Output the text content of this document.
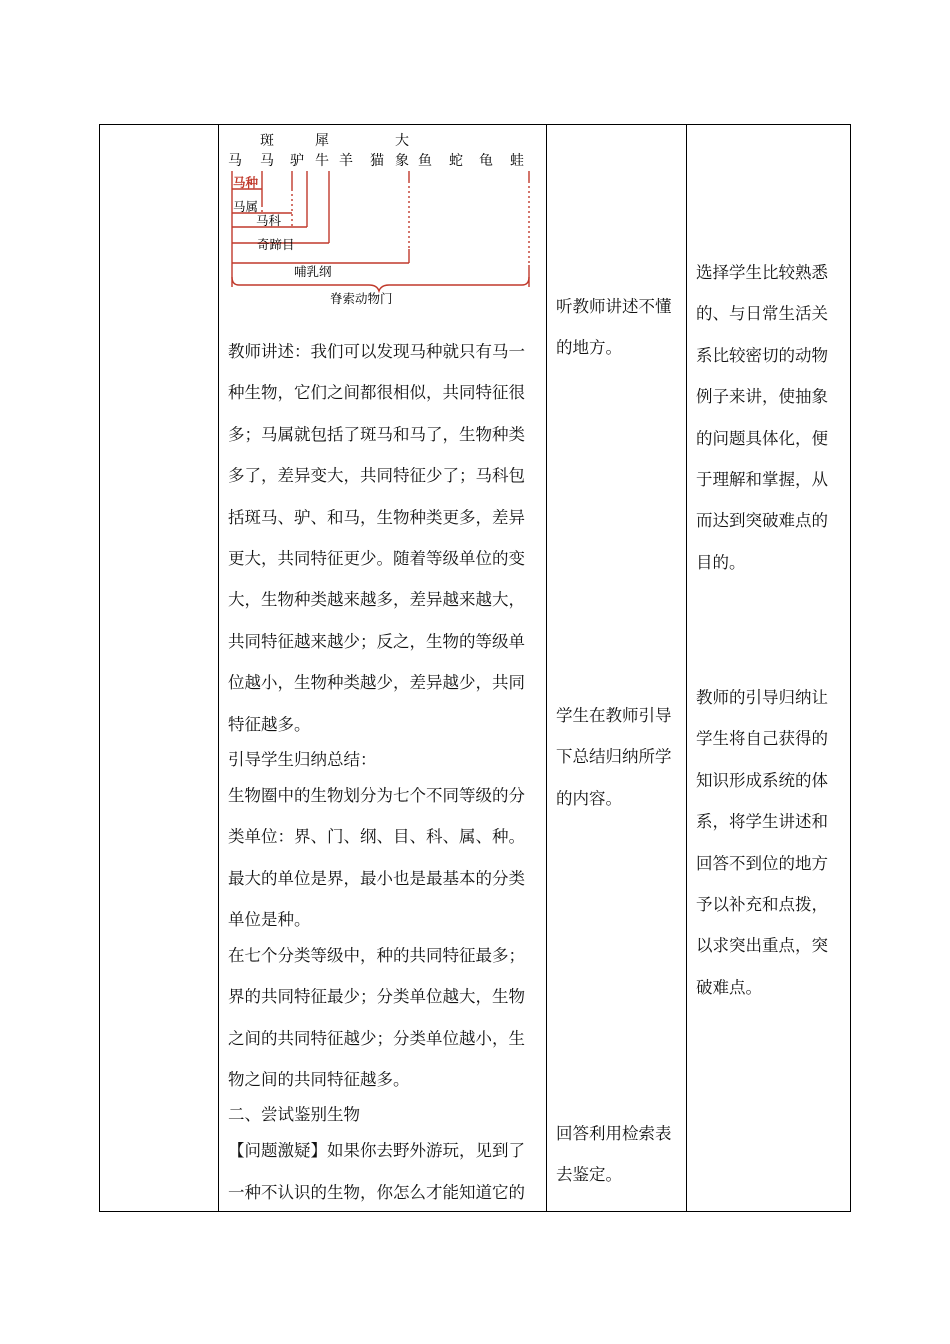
马
斑马 驴
犀牛 羊 猫
大象 鱼 蛇 龟 蛙
马种
马属
马科
奇蹄目
哺乳纲
脊索动物门
教师讲述：我们可以发现马种就只有马一
种生物，它们之间都很相似，共同特征很
多；马属就包括了斑马和马了，生物种类
多了，差异变大，共同特征少了；马科包
括斑马、驴、和马，生物种类更多，差异
更大，共同特征更少。随着等级单位的变
大，生物种类越来越多，差异越来越大，
共同特征越来越少；反之，生物的等级单
位越小，生物种类越少，差异越少，共同
特征越多。

引导学生归纳总结：

生物圈中的生物划分为七个不同等级的分
类单位：界、门、纲、目、科、属、种。
最大的单位是界，最小也是最基本的分类
单位是种。
在七个分类等级中，种的共同特征最多；
界的共同特征最少；分类单位越大，生物
之间的共同特征越少；分类单位越小，生
物之间的共同特征越多。

二、尝试鉴别生物

【问题激疑】如果你去野外游玩，见到了
一种不认识的生物，你怎么才能知道它的
听教师讲述不懂
的地方。
学生在教师引导
下总结归纳所学
的内容。
回答利用检索表
去鉴定。
选择学生比较熟悉
的、与日常生活关
系比较密切的动物
例子来讲，使抽象
的问题具体化，便
于理解和掌握，从
而达到突破难点的
目的。
教师的引导归纳让
学生将自己获得的
知识形成系统的体
系，将学生讲述和
回答不到位的地方
予以补充和点拨，
以求突出重点，突
破难点。
